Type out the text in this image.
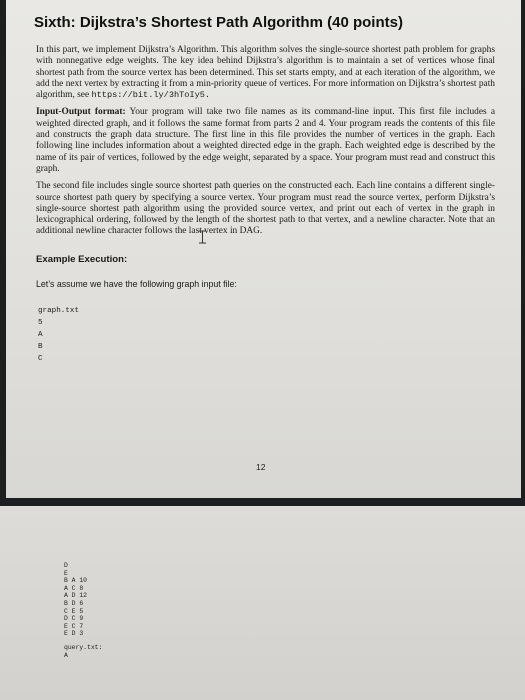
Sixth: Dijkstra’s Shortest Path Algorithm (40 points)

In this part, we implement Dijkstra’s Algorithm. This algorithm solves the single-source shortest path problem for graphs with nonnegative edge weights. The key idea behind Dijkstra’s algorithm is to maintain a set of vertices whose final shortest path from the source vertex has been determined. This set starts empty, and at each iteration of the algorithm, we add the next vertex by extracting it from a min-priority queue of vertices. For more information on Dijkstra’s shortest path algorithm, see https://bit.ly/3hToIy5.

Input-Output format: Your program will take two file names as its command-line input. This first file includes a weighted directed graph, and it follows the same format from parts 2 and 4. Your program reads the contents of this file and constructs the graph data structure. The first line in this file provides the number of vertices in the graph. Each following line includes information about a weighted directed edge in the graph. Each weighted edge is described by the name of its pair of vertices, followed by the edge weight, separated by a space. Your program must read and construct this graph.

The second file includes single source shortest path queries on the constructed each. Each line contains a different single-source shortest path query by specifying a source vertex. Your program must read the source vertex, perform Dijkstra’s single-source shortest path algorithm using the provided source vertex, and print out each of vertex in the graph in lexicographical ordering, followed by the length of the shortest path to that vertex, and a newline character. Note that an additional newline character follows the last vertex in DAG.

Example Execution:
Let’s assume we have the following graph input file:
graph.txt
5
A
B
C
12
D
E
B A 10
A C 8
A D 12
B D 6
C E 5
D C 9
E C 7
E D 3
query.txt:
A
